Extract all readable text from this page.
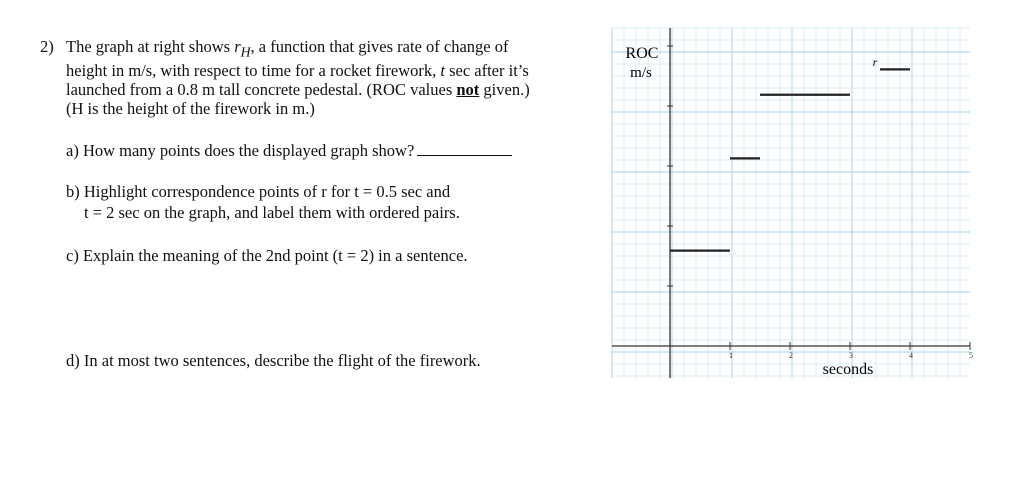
2) The graph at right shows $r_H$, a function that gives rate of change of
height in m/s, with respect to time for a rocket firework, t sec after it’s
launched from a 0.8 m tall concrete pedestal. (ROC values not given.)
(H is the height of the firework in m.)
a) How many points does the displayed graph show?
b) Highlight correspondence points of r for t = 0.5 sec and
t = 2 sec on the graph, and label them with ordered pairs.
c) Explain the meaning of the 2nd point (t = 2) in a sentence.
d) In at most two sentences, describe the flight of the firework.	1	2	3	4	5
ROC
m/s
seconds
r
